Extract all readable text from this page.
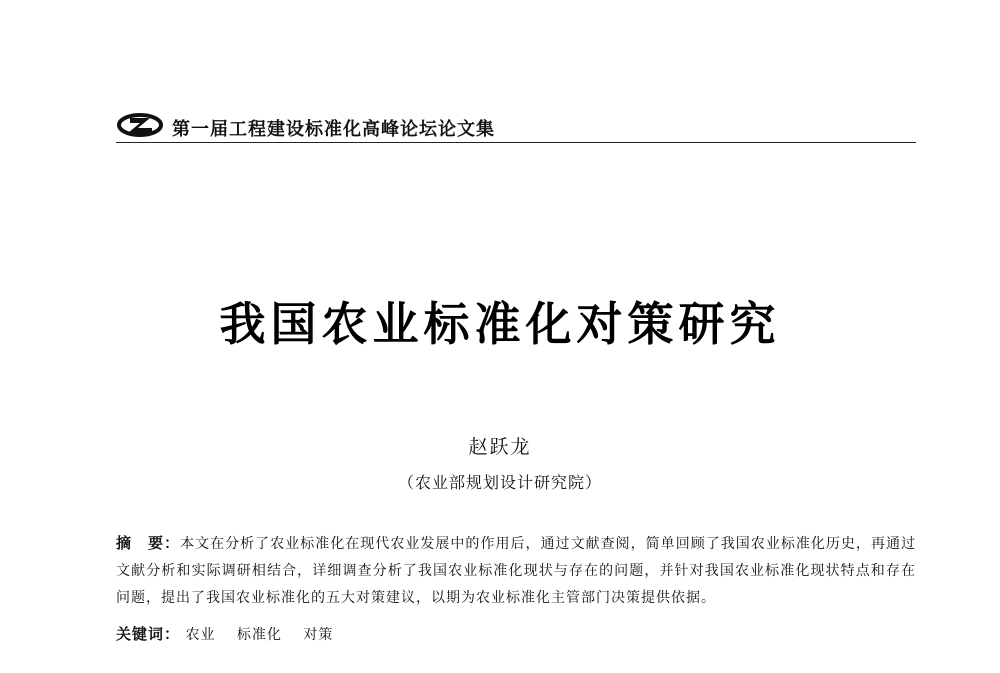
第一届工程建设标准化高峰论坛论文集
我国农业标准化对策研究
赵跃龙
（农业部规划设计研究院）
摘　要：本文在分析了农业标准化在现代农业发展中的作用后，通过文献查阅，简单回顾了我国农业标准化历史，再通过文献分析和实际调研相结合，详细调查分析了我国农业标准化现状与存在的问题，并针对我国农业标准化现状特点和存在问题，提出了我国农业标准化的五大对策建议，以期为农业标准化主管部门决策提供依据。
关键词： 农业 标准化 对策
